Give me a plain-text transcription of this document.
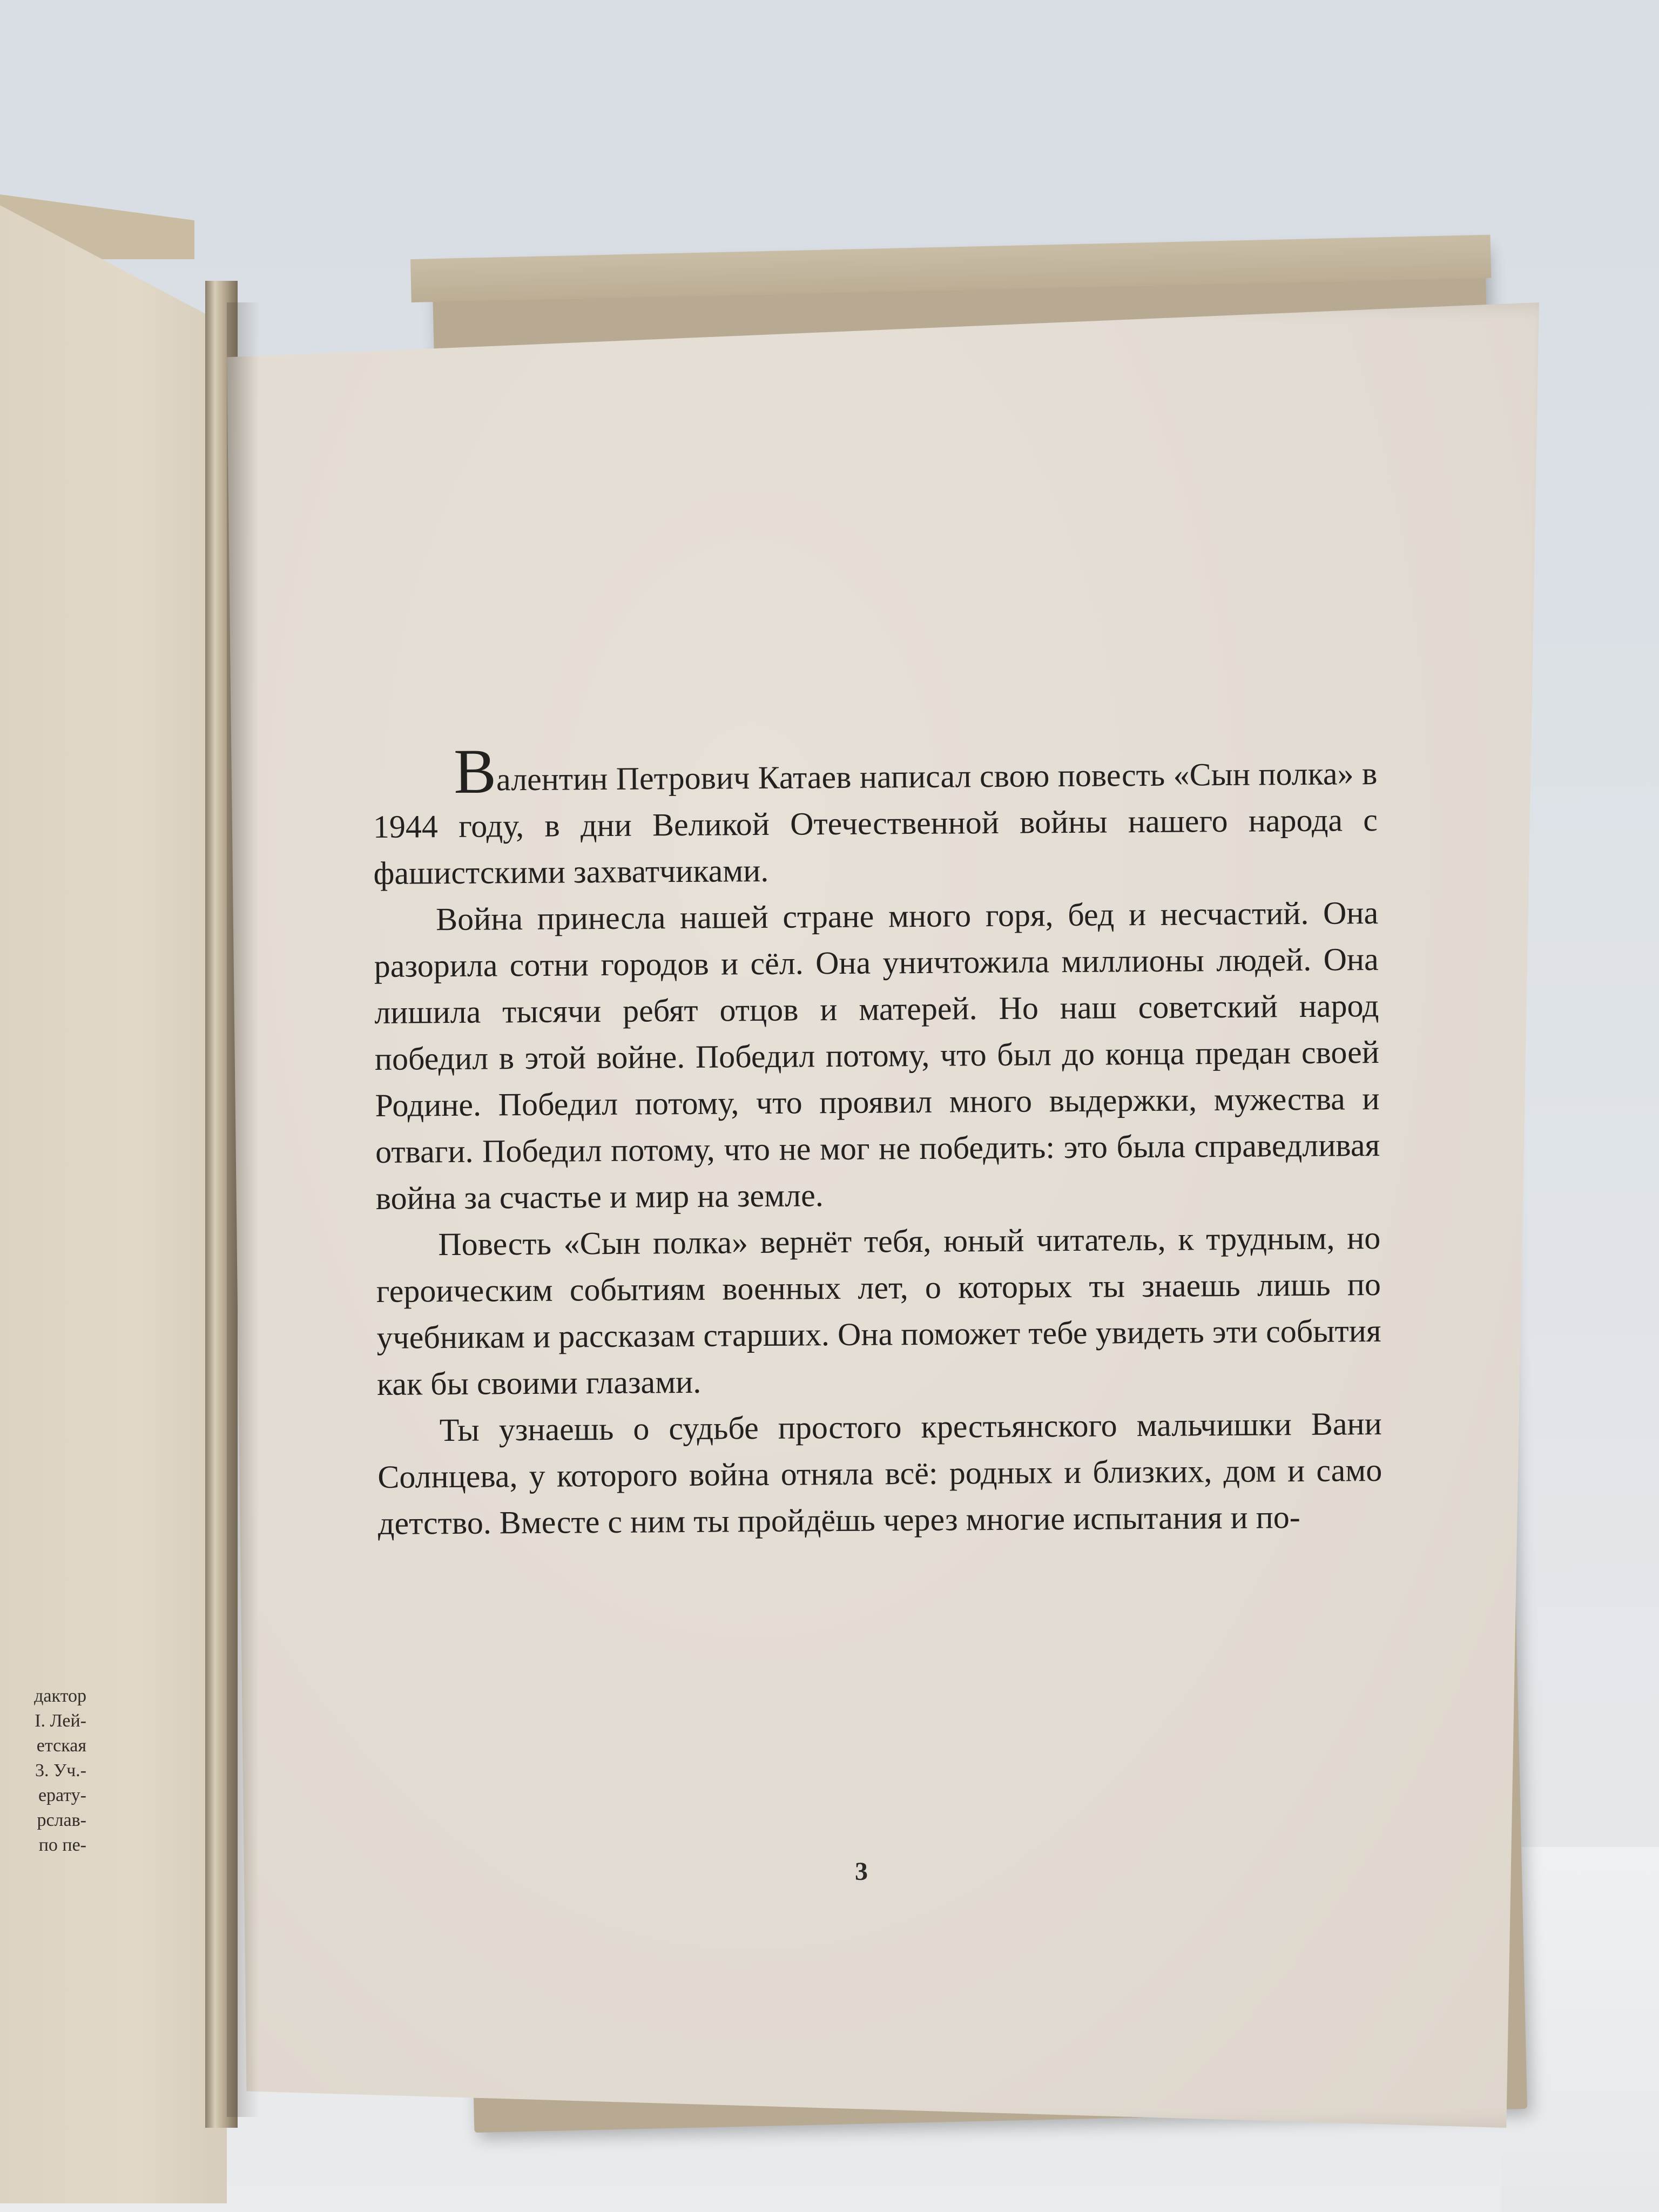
дактор
I. Лей-
етская
3. Уч.-
ерату-
рслав-
по пе-

Валентин Петрович Катаев написал свою повесть «Сын полка» в 1944 году, в дни Великой Отечественной войны нашего народа с фашистскими захватчиками.

Война принесла нашей стране много горя, бед и несчастий. Она разорила сотни городов и сёл. Она уничтожила миллионы людей. Она лишила тысячи ребят отцов и матерей. Но наш советский народ победил в этой войне. Победил потому, что был до конца предан своей Родине. Победил потому, что проявил много выдержки, мужества и отваги. Победил потому, что не мог не победить: это была справедливая война за счастье и мир на земле.

Повесть «Сын полка» вернёт тебя, юный читатель, к трудным, но героическим событиям военных лет, о которых ты знаешь лишь по учебникам и рассказам старших. Она поможет тебе увидеть эти события как бы своими глазами.

Ты узнаешь о судьбе простого крестьянского мальчишки Вани Солнцева, у которого война отняла всё: родных и близких, дом и само детство. Вместе с ним ты пройдёшь через многие испытания и по-

3
